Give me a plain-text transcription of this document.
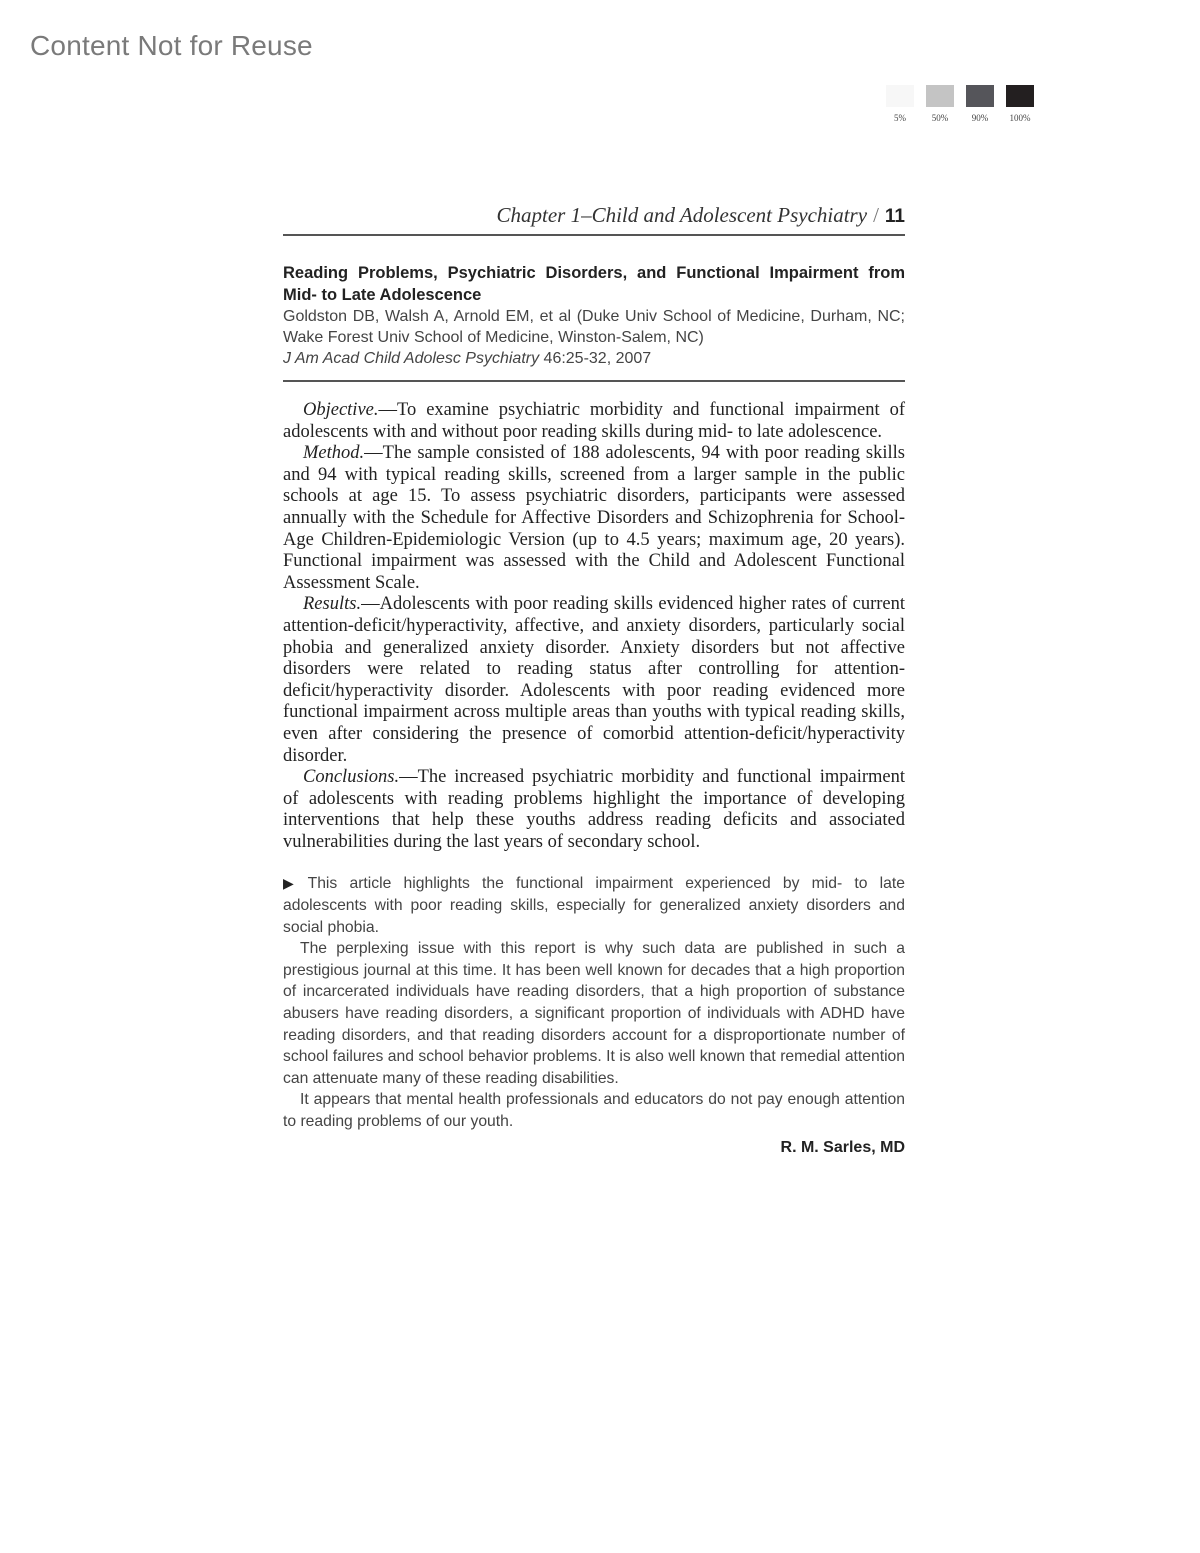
Content Not for Reuse
5%	50%	90% 100%
Chapter 1–Child and Adolescent Psychiatry / 11
Reading Problems, Psychiatric Disorders, and Functional Impairment from Mid- to Late Adolescence
Goldston DB, Walsh A, Arnold EM, et al (Duke Univ School of Medicine, Durham, NC; Wake Forest Univ School of Medicine, Winston-Salem, NC)
J Am Acad Child Adolesc Psychiatry 46:25-32, 2007

Objective.—To examine psychiatric morbidity and functional impairment of adolescents with and without poor reading skills during mid- to late adolescence.

Method.—The sample consisted of 188 adolescents, 94 with poor reading skills and 94 with typical reading skills, screened from a larger sample in the public schools at age 15. To assess psychiatric disorders, participants were assessed annually with the Schedule for Affective Disorders and Schizophrenia for School-Age Children-Epidemiologic Version (up to 4.5 years; maximum age, 20 years). Functional impairment was assessed with the Child and Adolescent Functional Assessment Scale.

Results.—Adolescents with poor reading skills evidenced higher rates of current attention-deficit/hyperactivity, affective, and anxiety disorders, particularly social phobia and generalized anxiety disorder. Anxiety disorders but not affective disorders were related to reading status after controlling for attention-deficit/hyperactivity disorder. Adolescents with poor reading evidenced more functional impairment across multiple areas than youths with typical reading skills, even after considering the presence of comorbid attention-deficit/hyperactivity disorder.

Conclusions.—The increased psychiatric morbidity and functional impairment of adolescents with reading problems highlight the importance of developing interventions that help these youths address reading deficits and associated vulnerabilities during the last years of secondary school.

▶ This article highlights the functional impairment experienced by mid- to late adolescents with poor reading skills, especially for generalized anxiety disorders and social phobia.

The perplexing issue with this report is why such data are published in such a prestigious journal at this time. It has been well known for decades that a high proportion of incarcerated individuals have reading disorders, that a high proportion of substance abusers have reading disorders, a significant proportion of individuals with ADHD have reading disorders, and that reading disorders account for a disproportionate number of school failures and school behavior problems. It is also well known that remedial attention can attenuate many of these reading disabilities.

It appears that mental health professionals and educators do not pay enough attention to reading problems of our youth.

R. M. Sarles, MD
